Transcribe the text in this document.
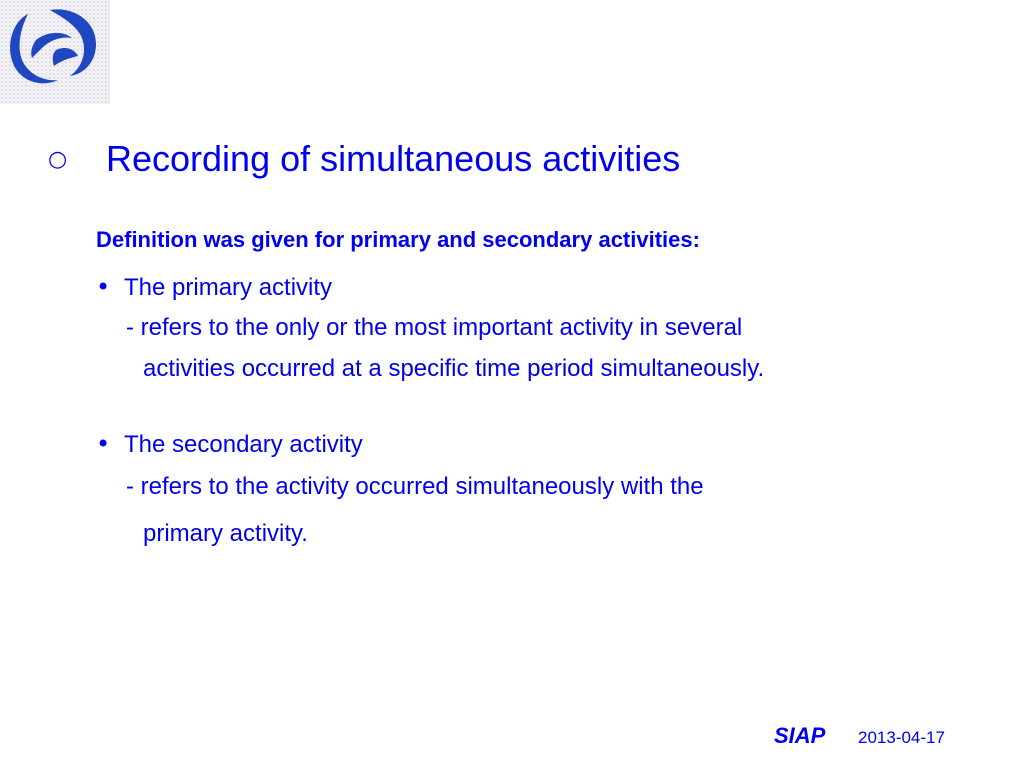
○	Recording of simultaneous activities
Definition was given for primary and secondary activities:
• The primary activity
- refers to the only or the most important activity in several
activities occurred at a specific time period simultaneously.
• The secondary activity
- refers to the activity occurred simultaneously with the
primary activity.
SIAP 2013-04-17
